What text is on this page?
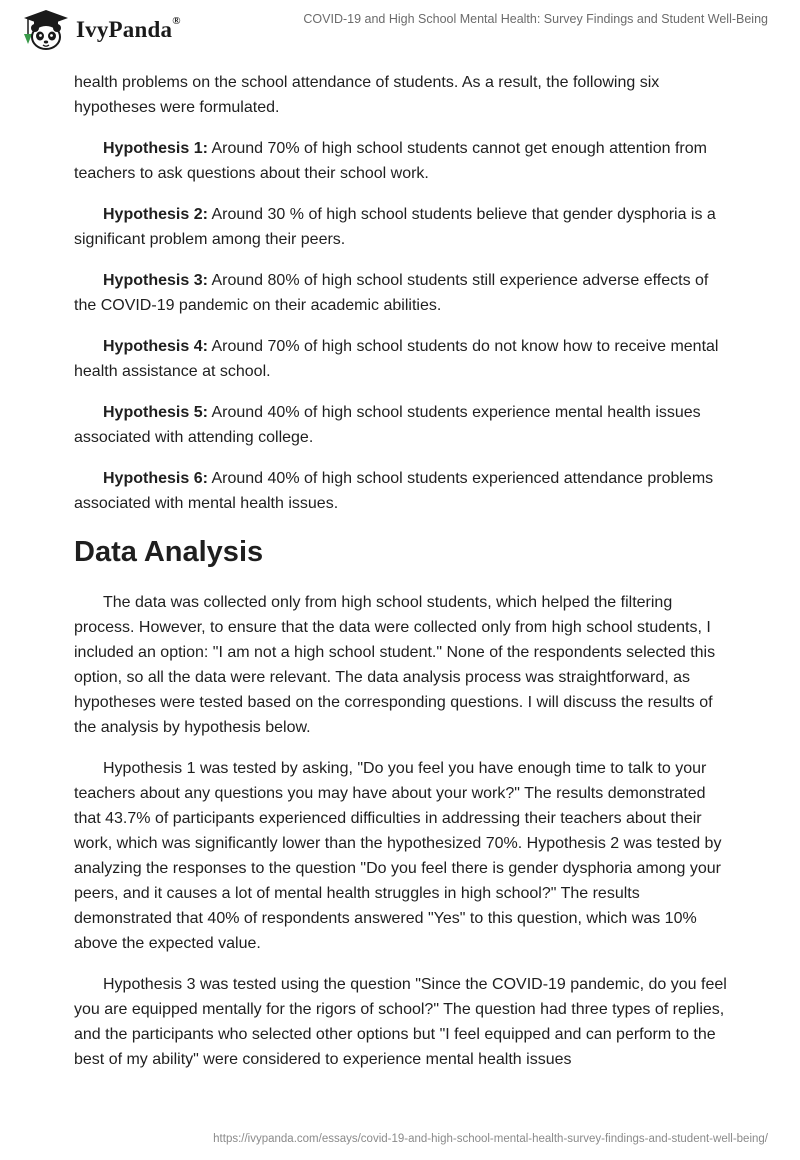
IvyPanda®	COVID-19 and High School Mental Health: Survey Findings and Student Well-Being

health problems on the school attendance of students. As a result, the following six hypotheses were formulated.

Hypothesis 1: Around 70% of high school students cannot get enough attention from teachers to ask questions about their school work.

Hypothesis 2: Around 30 % of high school students believe that gender dysphoria is a significant problem among their peers.

Hypothesis 3: Around 80% of high school students still experience adverse effects of the COVID-19 pandemic on their academic abilities.

Hypothesis 4: Around 70% of high school students do not know how to receive mental health assistance at school.

Hypothesis 5: Around 40% of high school students experience mental health issues associated with attending college.

Hypothesis 6: Around 40% of high school students experienced attendance problems associated with mental health issues.

Data Analysis

The data was collected only from high school students, which helped the filtering process. However, to ensure that the data were collected only from high school students, I included an option: "I am not a high school student." None of the respondents selected this option, so all the data were relevant. The data analysis process was straightforward, as hypotheses were tested based on the corresponding questions. I will discuss the results of the analysis by hypothesis below.

Hypothesis 1 was tested by asking, "Do you feel you have enough time to talk to your teachers about any questions you may have about your work?" The results demonstrated that 43.7% of participants experienced difficulties in addressing their teachers about their work, which was significantly lower than the hypothesized 70%. Hypothesis 2 was tested by analyzing the responses to the question "Do you feel there is gender dysphoria among your peers, and it causes a lot of mental health struggles in high school?" The results demonstrated that 40% of respondents answered "Yes" to this question, which was 10% above the expected value.

Hypothesis 3 was tested using the question "Since the COVID-19 pandemic, do you feel you are equipped mentally for the rigors of school?" The question had three types of replies, and the participants who selected other options but "I feel equipped and can perform to the best of my ability" were considered to experience mental health issues

https://ivypanda.com/essays/covid-19-and-high-school-mental-health-survey-findings-and-student-well-being/
